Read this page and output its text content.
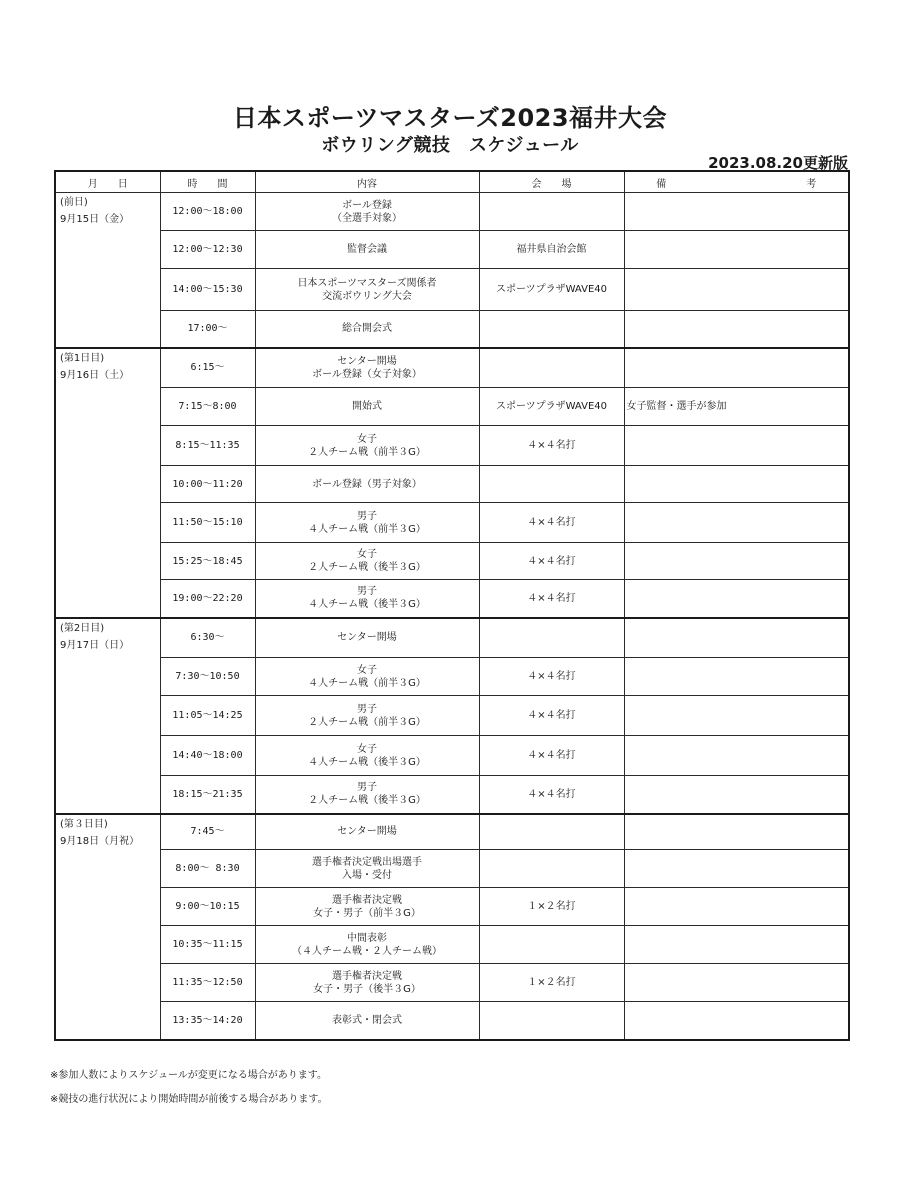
日本スポーツマスターズ2023福井大会
ボウリング競技　スケジュール
2023.08.20更新版
月　　日	時　　間	内容	会　　場	備　　　　　　　　　　　　　　考

(前日)
9月15日（金）	12:00～18:00	ボール登録
（全選手対象）		

	12:00～12:30	監督会議	福井県自治会館	
	14:00～15:30	日本スポーツマスターズ関係者
交流ボウリング大会	スポーツプラザWAVE40	
	17:00～	総合開会式		

(第1日目)
9月16日（土）	6:15～	センター開場
ボール登録（女子対象）		

	7:15～8:00	開始式	スポーツプラザWAVE40	女子監督・選手が参加
	8:15～11:35	女子
２人チーム戦（前半３G）	４×４名打	
	10:00～11:20	ボール登録（男子対象）		

	11:50～15:10	男子
４人チーム戦（前半３G）	４×４名打	
	15:25～18:45	女子
２人チーム戦（後半３G）	４×４名打	
	19:00～22:20	男子
４人チーム戦（後半３G）	４×４名打	

(第2日目)
9月17日（日）	6:30～	センター開場		

	7:30～10:50	女子
４人チーム戦（前半３G）	４×４名打	
	11:05～14:25	男子
２人チーム戦（前半３G）	４×４名打	
	14:40～18:00	女子
４人チーム戦（後半３G）	４×４名打	
	18:15～21:35	男子
２人チーム戦（後半３G）	４×４名打	

(第３日目)
9月18日（月祝）	7:45～	センター開場		

	8:00～ 8:30	選手権者決定戦出場選手
入場・受付		

	9:00～10:15	選手権者決定戦
女子・男子（前半３G）	１×２名打	
	10:35～11:15	中間表彰
（４人チーム戦・２人チーム戦）		

	11:35～12:50	選手権者決定戦
女子・男子（後半３G）	１×２名打	
	13:35～14:20	表彰式・閉会式		

※参加人数によりスケジュールが変更になる場合があります。
※競技の進行状況により開始時間が前後する場合があります。
